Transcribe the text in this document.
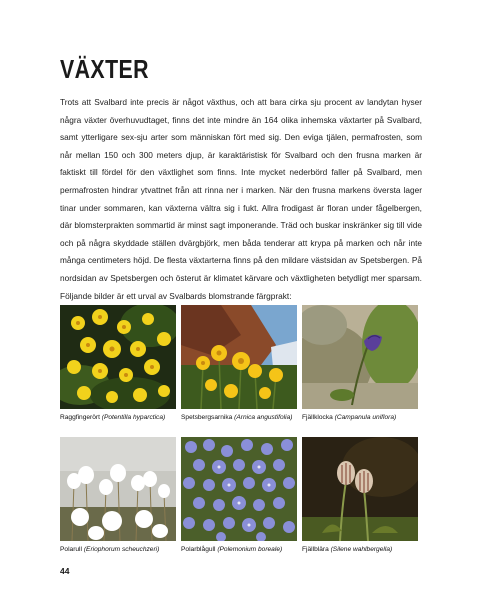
VÄXTER

Trots att Svalbard inte precis är något växthus, och att bara cirka sju procent av landytan hyser några växter överhuvudtaget, finns det inte mindre än 164 olika inhemska växtarter på Svalbard, samt ytterligare sex-sju arter som människan fört med sig. Den eviga tjälen, permafrosten, som når mellan 150 och 300 meters djup, är karaktäristisk för Svalbard och den frusna marken är faktiskt till fördel för den växtlighet som finns. Inte mycket nederbörd faller på Svalbard, men permafrosten hindrar ytvattnet från att rinna ner i marken. När den frusna markens översta lager tinar under sommaren, kan växterna vältra sig i fukt. Allra frodigast är floran under fågelbergen, där blomsterprakten sommartid är minst sagt imponerande. Träd och buskar inskränker sig till vide och på några skyddade ställen dvärgbjörk, men båda tenderar att krypa på marken och når inte många centimeters höjd. De flesta växtarterna finns på den mildare västsidan av Spetsbergen. På nordsidan av Spetsbergen och österut är klimatet kärvare och växtligheten betydligt mer sparsam. Följande bilder är ett urval av Svalbards blomstrande färgprakt:

Raggfingerört (Potentilla hyparctica)	Spetsbergsarnika (Arnica angustifolia)	Fjällklocka (Campanula uniflora)
Polarull (Eriophorum scheuchzeri)	Polarblågull (Polemonium boreale)	Fjällblära (Silene wahlbergella)

44
